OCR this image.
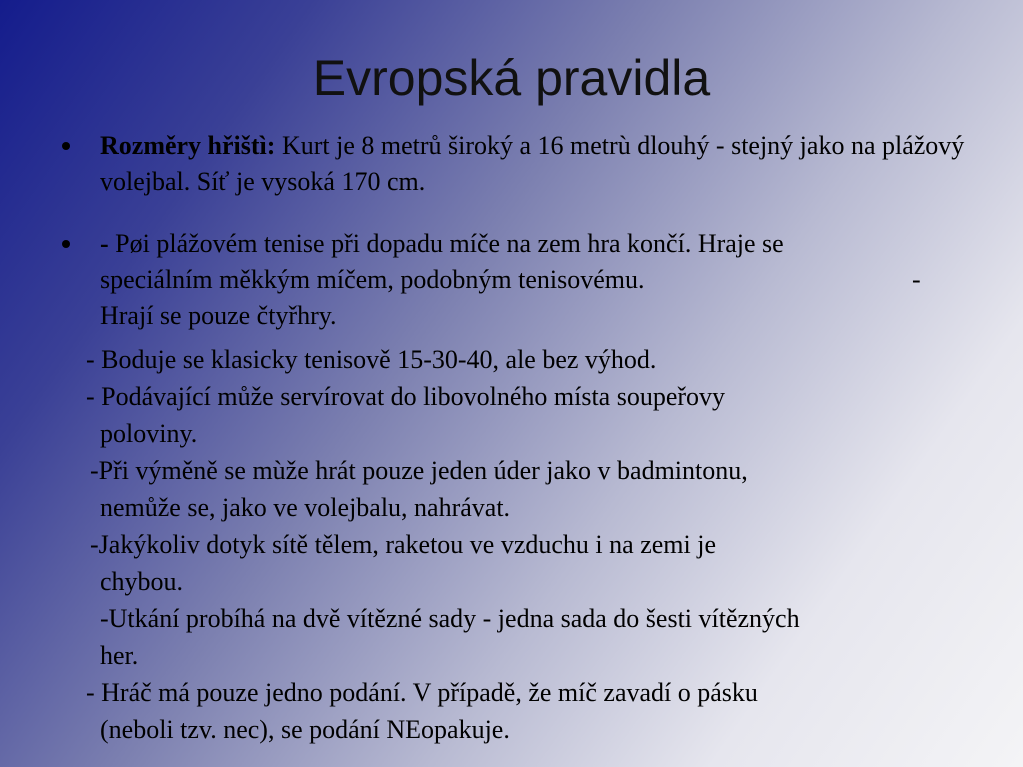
Evropská pravidla
Rozměry hřištì: Kurt je 8 metrů široký a 16 metrù dlouhý - stejný jako na plážový volejbal. Síť je vysoká 170 cm.
- Pøi plážovém tenise při dopadu míče na zem hra končí. Hraje se
speciálním měkkým míčem, podobným tenisovému.	-
Hrají se pouze čtyřhry.
- Boduje se klasicky tenisově 15-30-40, ale bez výhod.
- Podávající může servírovat do libovolného místa soupeřovy
poloviny.
-Při výměně se mùže hrát pouze jeden úder jako v badmintonu,
nemůže se, jako ve volejbalu, nahrávat.
-Jakýkoliv dotyk sítě tělem, raketou ve vzduchu i na zemi je
chybou.
-Utkání probíhá na dvě vítězné sady - jedna sada do šesti vítězných
her.
- Hráč má pouze jedno podání. V případě, že míč zavadí o pásku
(neboli tzv. nec), se podání NEopakuje.
